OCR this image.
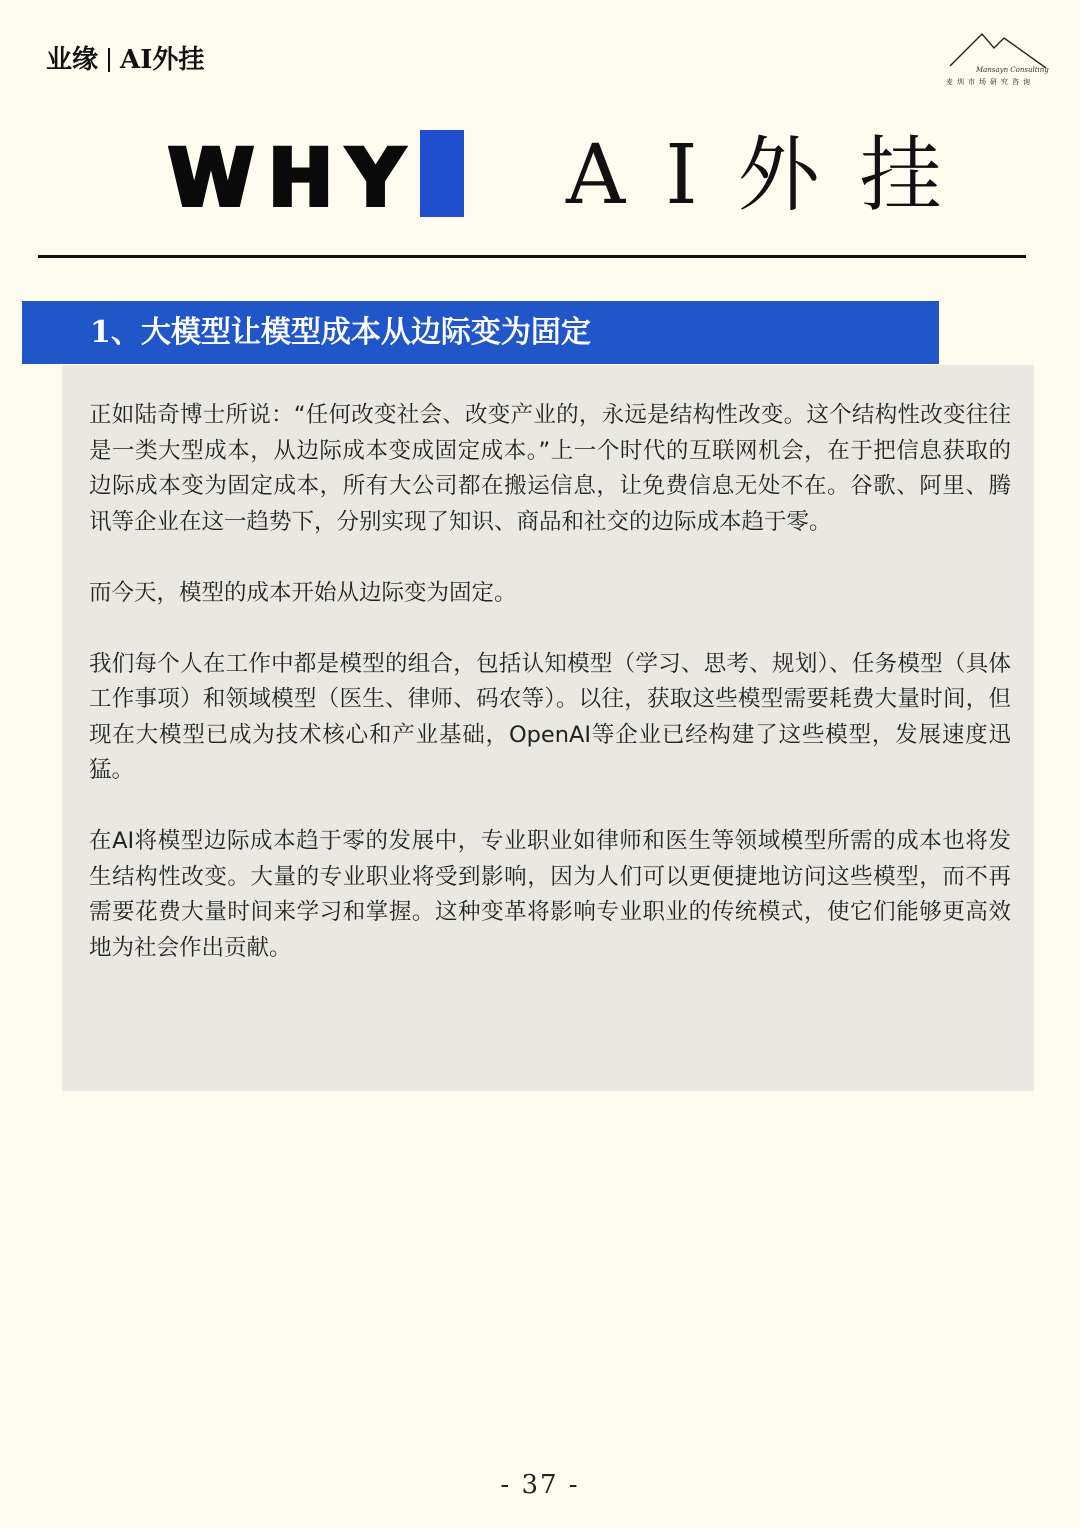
业缘 AI外挂	Mansayn Consulting
麦圳市场研究咨询
WHY AI外挂
1、大模型让模型成本从边际变为固定

正如陆奇博士所说：“任何改变社会、改变产业的，永远是结构性改变。这个结构性改变往往是一类大型成本，从边际成本变成固定成本。”上一个时代的互联网机会，在于把信息获取的边际成本变为固定成本，所有大公司都在搬运信息，让免费信息无处不在。谷歌、阿里、腾讯等企业在这一趋势下，分别实现了知识、商品和社交的边际成本趋于零。

而今天，模型的成本开始从边际变为固定。

我们每个人在工作中都是模型的组合，包括认知模型（学习、思考、规划）、任务模型（具体工作事项）和领域模型（医生、律师、码农等）。以往，获取这些模型需要耗费大量时间，但现在大模型已成为技术核心和产业基础，OpenAI等企业已经构建了这些模型，发展速度迅猛。

在AI将模型边际成本趋于零的发展中，专业职业如律师和医生等领域模型所需的成本也将发生结构性改变。大量的专业职业将受到影响，因为人们可以更便捷地访问这些模型，而不再需要花费大量时间来学习和掌握。这种变革将影响专业职业的传统模式，使它们能够更高效地为社会作出贡献。

- 37 -
